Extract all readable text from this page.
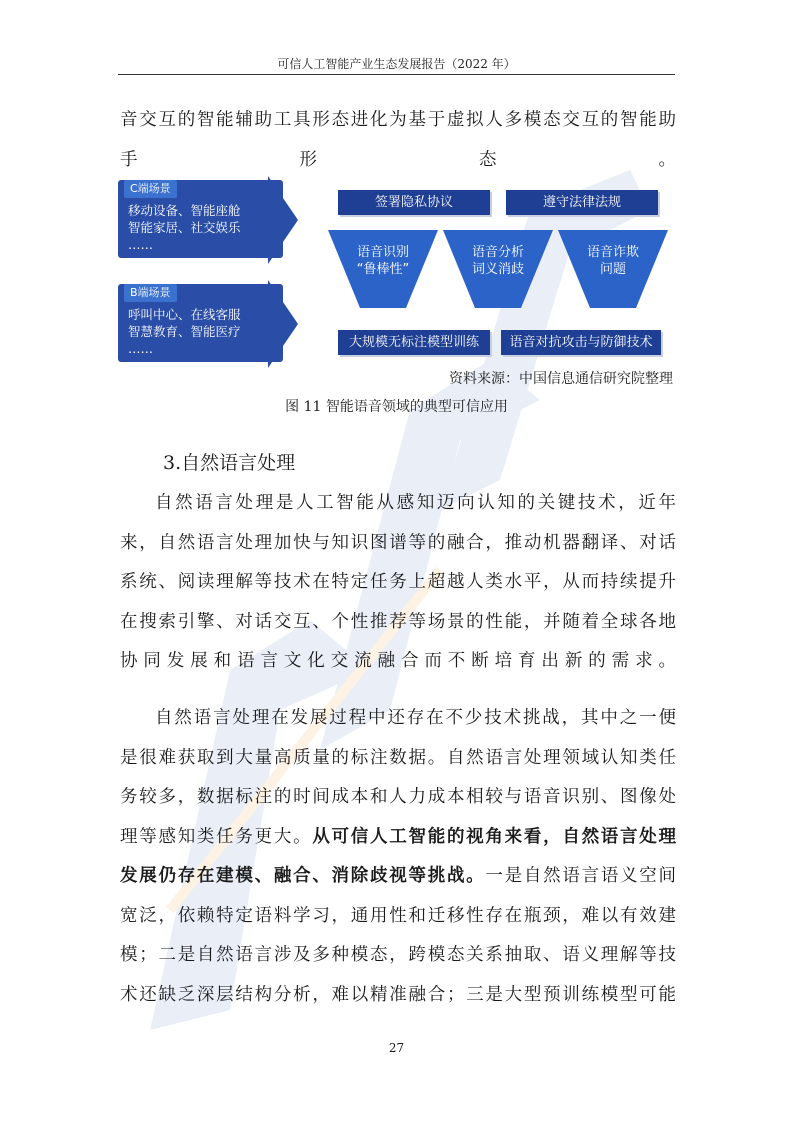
可信人工智能产业生态发展报告（2022 年）
音交互的智能辅助工具形态进化为基于虚拟人多模态交互的智能助
手形态。
C端场景
移动设备、智能座舱
智能家居、社交娱乐
……
B端场景
呼叫中心、在线客服
智慧教育、智能医疗
……
签署隐私协议	遵守法律法规
语音识别
“鲁棒性”
语音分析
词义消歧
语音诈欺
问题
大规模无标注模型训练	语音对抗攻击与防御技术
资料来源：中国信息通信研究院整理
图 11 智能语音领域的典型可信应用
3.自然语言处理
自然语言处理是人工智能从感知迈向认知的关键技术，近年
来，自然语言处理加快与知识图谱等的融合，推动机器翻译、对话
系统、阅读理解等技术在特定任务上超越人类水平，从而持续提升
在搜索引擎、对话交互、个性推荐等场景的性能，并随着全球各地
协同发展和语言文化交流融合而不断培育出新的需求。
自然语言处理在发展过程中还存在不少技术挑战，其中之一便
是很难获取到大量高质量的标注数据。自然语言处理领域认知类任
务较多，数据标注的时间成本和人力成本相较与语音识别、图像处
理等感知类任务更大。从可信人工智能的视角来看，自然语言处理
发展仍存在建模、融合、消除歧视等挑战。一是自然语言语义空间
宽泛，依赖特定语料学习，通用性和迁移性存在瓶颈，难以有效建
模；二是自然语言涉及多种模态，跨模态关系抽取、语义理解等技
术还缺乏深层结构分析，难以精准融合；三是大型预训练模型可能
27
